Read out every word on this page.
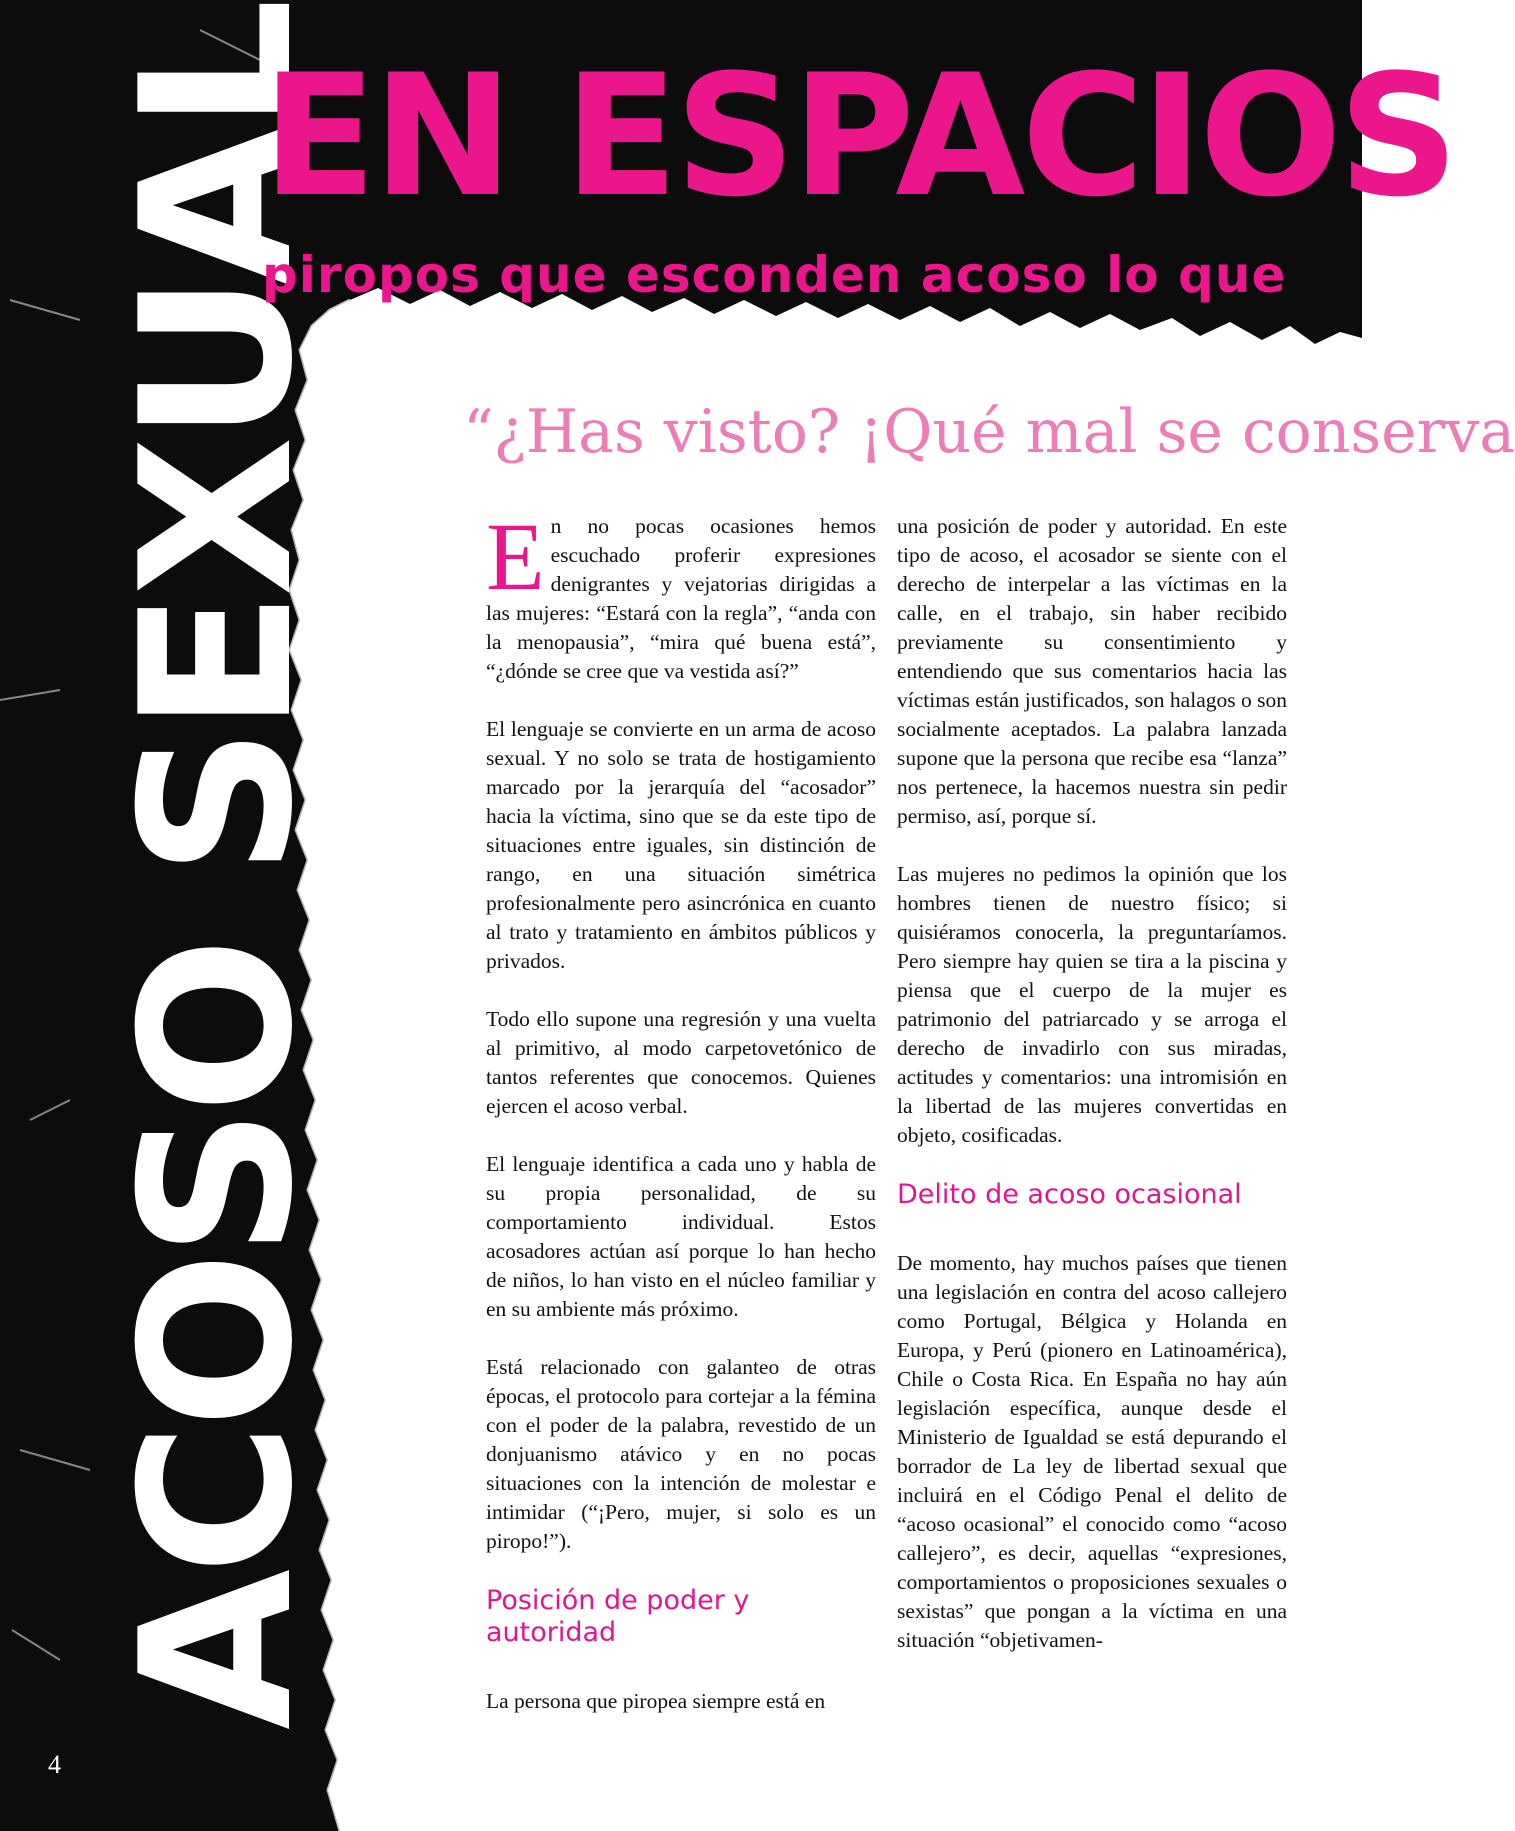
ACOSO SEXUAL
EN ESPACIOS
piropos que esconden acoso lo que
“¿Has visto? ¡Qué mal se conserva

En no pocas ocasiones hemos escuchado proferir expresiones denigrantes y vejatorias dirigidas a las mujeres: “Estará con la regla”, “anda con la menopausia”, “mira qué buena está”, “¿dónde se cree que va vestida así?”

El lenguaje se convierte en un arma de acoso sexual. Y no solo se trata de hostigamiento marcado por la jerarquía del “acosador” hacia la víctima, sino que se da este tipo de situaciones entre iguales, sin distinción de rango, en una situación simétrica profesionalmente pero asincrónica en cuanto al trato y tratamiento en ámbitos públicos y privados.

Todo ello supone una regresión y una vuelta al primitivo, al modo carpetovetónico de tantos referentes que conocemos. Quienes ejercen el acoso verbal.

El lenguaje identifica a cada uno y habla de su propia personalidad, de su comportamiento individual. Estos acosadores actúan así porque lo han hecho de niños, lo han visto en el núcleo familiar y en su ambiente más próximo.

Está relacionado con galanteo de otras épocas, el protocolo para cortejar a la fémina con el poder de la palabra, revestido de un donjuanismo atávico y en no pocas situaciones con la intención de molestar e intimidar (“¡Pero, mujer, si solo es un piropo!”).

Posición de poder y autoridad

La persona que piropea siempre está en

una posición de poder y autoridad. En este tipo de acoso, el acosador se siente con el derecho de interpelar a las víctimas en la calle, en el trabajo, sin haber recibido previamente su consentimiento y entendiendo que sus comentarios hacia las víctimas están justificados, son halagos o son socialmente aceptados. La palabra lanzada supone que la persona que recibe esa “lanza” nos pertenece, la hacemos nuestra sin pedir permiso, así, porque sí.

Las mujeres no pedimos la opinión que los hombres tienen de nuestro físico; si quisiéramos conocerla, la preguntaríamos. Pero siempre hay quien se tira a la piscina y piensa que el cuerpo de la mujer es patrimonio del patriarcado y se arroga el derecho de invadirlo con sus miradas, actitudes y comentarios: una intromisión en la libertad de las mujeres convertidas en objeto, cosificadas.

Delito de acoso ocasional

De momento, hay muchos países que tienen una legislación en contra del acoso callejero como Portugal, Bélgica y Holanda en Europa, y Perú (pionero en Latinoamérica), Chile o Costa Rica. En España no hay aún legislación específica, aunque desde el Ministerio de Igualdad se está depurando el borrador de La ley de libertad sexual que incluirá en el Código Penal el delito de “acoso ocasional” el conocido como “acoso callejero”, es decir, aquellas “expresiones, comportamientos o proposiciones sexuales o sexistas” que pongan a la víctima en una situación “objetivamen-

4
